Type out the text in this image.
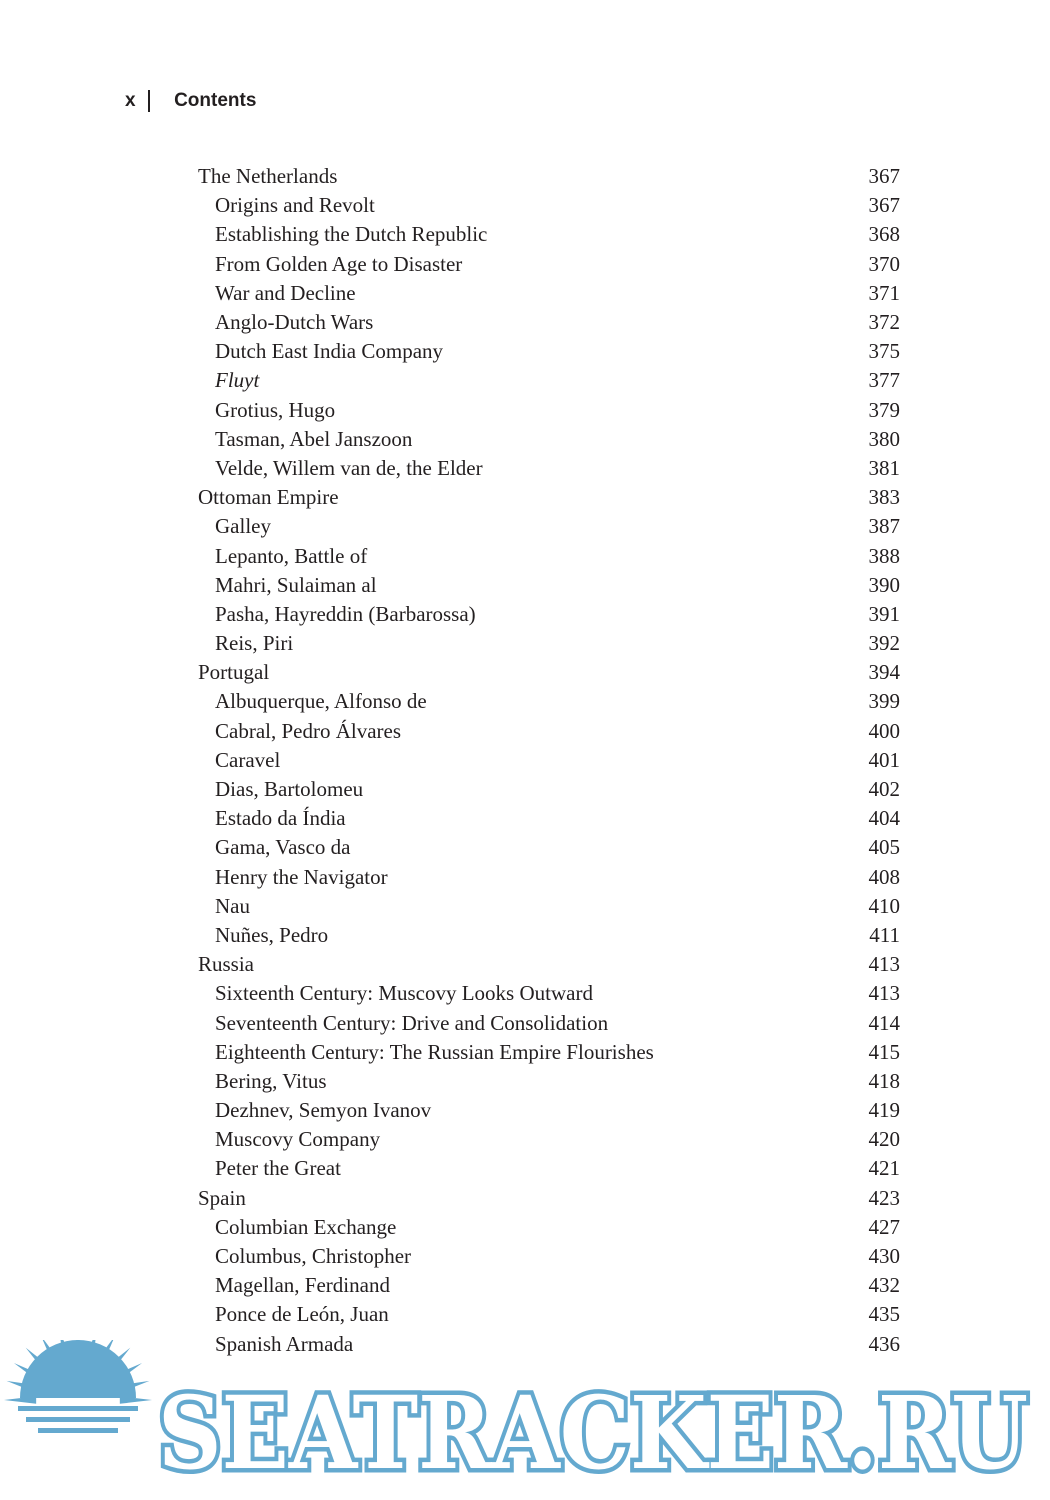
x Contents
The Netherlands	367
Origins and Revolt	367
Establishing the Dutch Republic	368
From Golden Age to Disaster	370
War and Decline	371
Anglo-Dutch Wars	372
Dutch East India Company	375
Fluyt	377
Grotius, Hugo	379
Tasman, Abel Janszoon	380
Velde, Willem van de, the Elder	381
Ottoman Empire	383
Galley	387
Lepanto, Battle of	388
Mahri, Sulaiman al	390
Pasha, Hayreddin (Barbarossa)	391
Reis, Piri	392
Portugal	394
Albuquerque, Alfonso de	399
Cabral, Pedro Álvares	400
Caravel	401
Dias, Bartolomeu	402
Estado da Índia	404
Gama, Vasco da	405
Henry the Navigator	408
Nau	410
Nuñes, Pedro	411
Russia	413
Sixteenth Century: Muscovy Looks Outward	413
Seventeenth Century: Drive and Consolidation	414
Eighteenth Century: The Russian Empire Flourishes	415
Bering, Vitus	418
Dezhnev, Semyon Ivanov	419
Muscovy Company	420
Peter the Great	421
Spain	423
Columbian Exchange	427
Columbus, Christopher	430
Magellan, Ferdinand	432
Ponce de León, Juan	435
Spanish Armada	436
SEATRACKER.RU
